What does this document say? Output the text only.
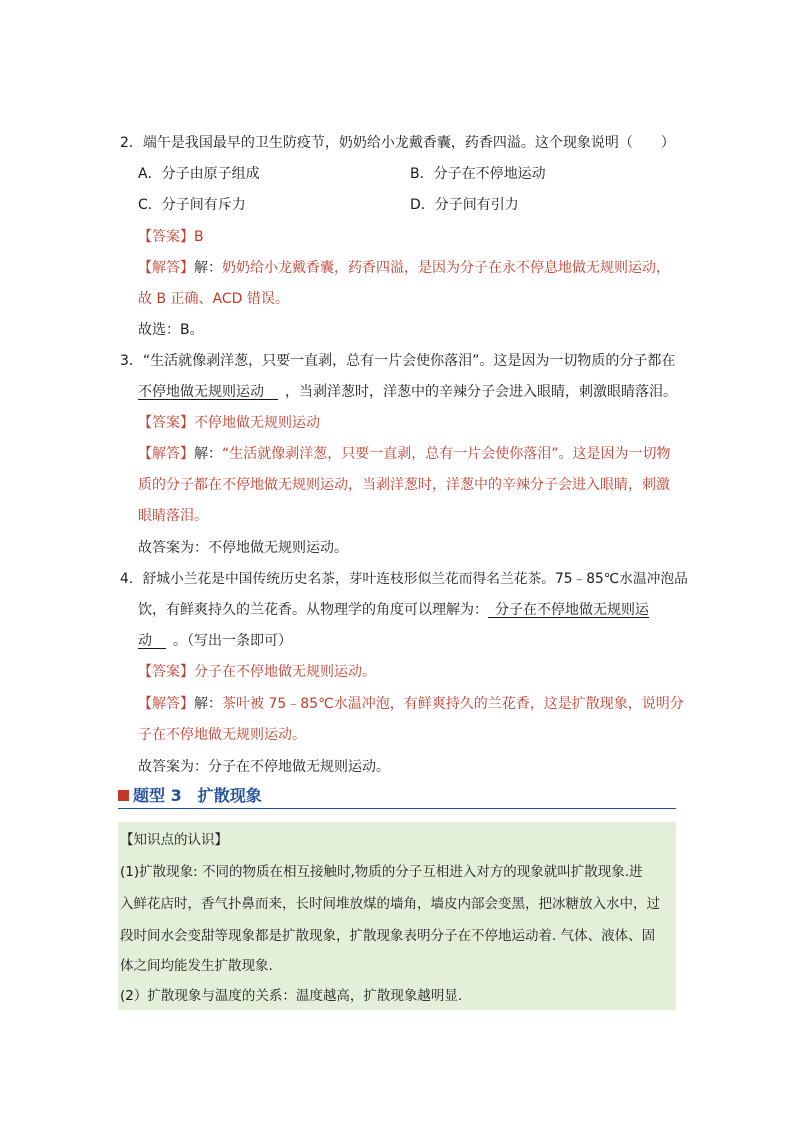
2．端午是我国最早的卫生防疫节，奶奶给小龙戴香囊，药香四溢。这个现象说明（　　）
A．分子由原子组成	B．分子在不停地运动
C．分子间有斥力	D．分子间有引力
【答案】B
【解答】解：奶奶给小龙戴香囊，药香四溢，是因为分子在永不停息地做无规则运动，
故 B 正确、ACD 错误。
故选：B。
3．“生活就像剥洋葱，只要一直剥，总有一片会使你落泪”。这是因为一切物质的分子都在
不停地做无规则运动　  ，当剥洋葱时，洋葱中的辛辣分子会进入眼睛，刺激眼睛落泪。
【答案】不停地做无规则运动
【解答】解：“生活就像剥洋葱，只要一直剥，总有一片会使你落泪”。这是因为一切物
质的分子都在不停地做无规则运动，当剥洋葱时，洋葱中的辛辣分子会进入眼睛，刺激
眼睛落泪。
故答案为：不停地做无规则运动。
4．舒城小兰花是中国传统历史名茶，芽叶连枝形似兰花而得名兰花茶。75﹣85℃水温冲泡品
饮，有鲜爽持久的兰花香。从物理学的角度可以理解为：  分子在不停地做无规则运
动　  。（写出一条即可）
【答案】分子在不停地做无规则运动。
【解答】解：茶叶被 75﹣85℃水温冲泡，有鲜爽持久的兰花香，这是扩散现象，说明分
子在不停地做无规则运动。
故答案为：分子在不停地做无规则运动。
题型 3　扩散现象
【知识点的认识】
(1)扩散现象: 不同的物质在相互接触时,物质的分子互相进入对方的现象就叫扩散现象.进
入鲜花店时，香气扑鼻而来，长时间堆放煤的墙角，墙皮内部会变黑，把冰糖放入水中，过
段时间水会变甜等现象都是扩散现象，扩散现象表明分子在不停地运动着. 气体、液体、固
体之间均能发生扩散现象.
(2）扩散现象与温度的关系：温度越高，扩散现象越明显.
